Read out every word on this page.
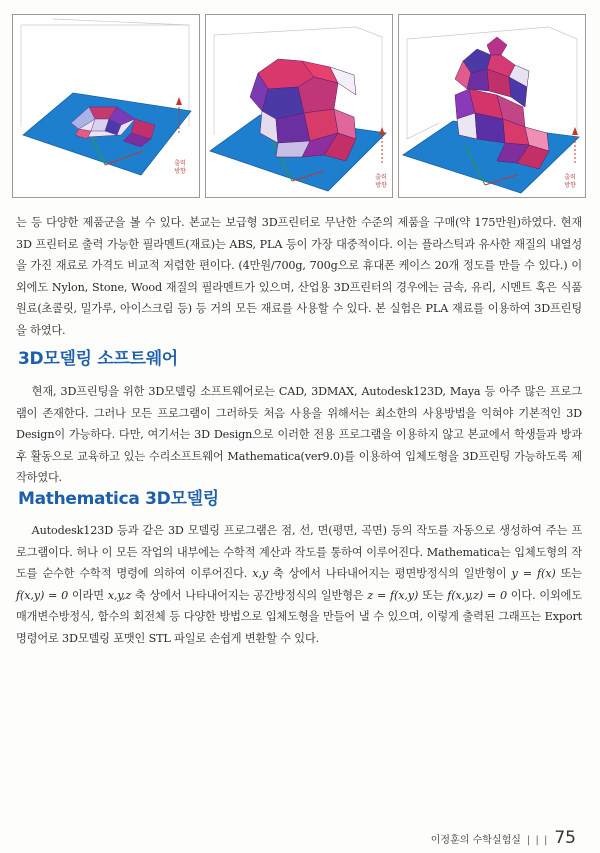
출력
방향
출력
방향
출력
방향

는 등 다양한 제품군을 볼 수 있다. 본교는 보급형 3D프린터로 무난한 수준의 제품을 구매(약 175만원)하였다. 현재 3D 프린터로 출력 가능한 필라멘트(재료)는 ABS, PLA 등이 가장 대중적이다. 이는 플라스틱과 유사한 재질의 내열성을 가진 재료로 가격도 비교적 저렴한 편이다. (4만원/700g, 700g으로 휴대폰 케이스 20개 정도를 만들 수 있다.) 이외에도 Nylon, Stone, Wood 재질의 필라멘트가 있으며, 산업용 3D프린터의 경우에는 금속, 유리, 시멘트 혹은 식품원료(초콜릿, 밀가루, 아이스크림 등) 등 거의 모든 재료를 사용할 수 있다. 본 실험은 PLA 재료를 이용하여 3D프린팅을 하였다.

3D모델링 소프트웨어

현재, 3D프린팅을 위한 3D모델링 소프트웨어로는 CAD, 3DMAX, Autodesk123D, Maya 등 아주 많은 프로그램이 존재한다. 그러나 모든 프로그램이 그러하듯 처음 사용을 위해서는 최소한의 사용방법을 익혀야 기본적인 3D Design이 가능하다. 다만, 여기서는 3D Design으로 이러한 전용 프로그램을 이용하지 않고 본교에서 학생들과 방과 후 활동으로 교육하고 있는 수리소프트웨어 Mathematica(ver9.0)를 이용하여 입체도형을 3D프린팅 가능하도록 제작하였다.

Mathematica 3D모델링

Autodesk123D 등과 같은 3D 모델링 프로그램은 점, 선, 면(평면, 곡면) 등의 작도를 자동으로 생성하여 주는 프로그램이다. 허나 이 모든 작업의 내부에는 수학적 계산과 작도를 통하여 이루어진다. Mathematica는 입체도형의 작도를 순수한 수학적 명령에 의하여 이루어진다. x,y 축 상에서 나타내어지는 평면방정식의 일반형이 y = f(x) 또는 f(x,y) = 0 이라면 x,y,z 축 상에서 나타내어지는 공간방정식의 일반형은 z = f(x,y) 또는 f(x,y,z) = 0 이다. 이외에도 매개변수방정식, 함수의 회전체 등 다양한 방법으로 입체도형을 만들어 낼 수 있으며, 이렇게 출력된 그래프는 Export 명령어로 3D모델링 포맷인 STL 파일로 손쉽게 변환할 수 있다.

이정훈의 수학실험실 | | | 75
